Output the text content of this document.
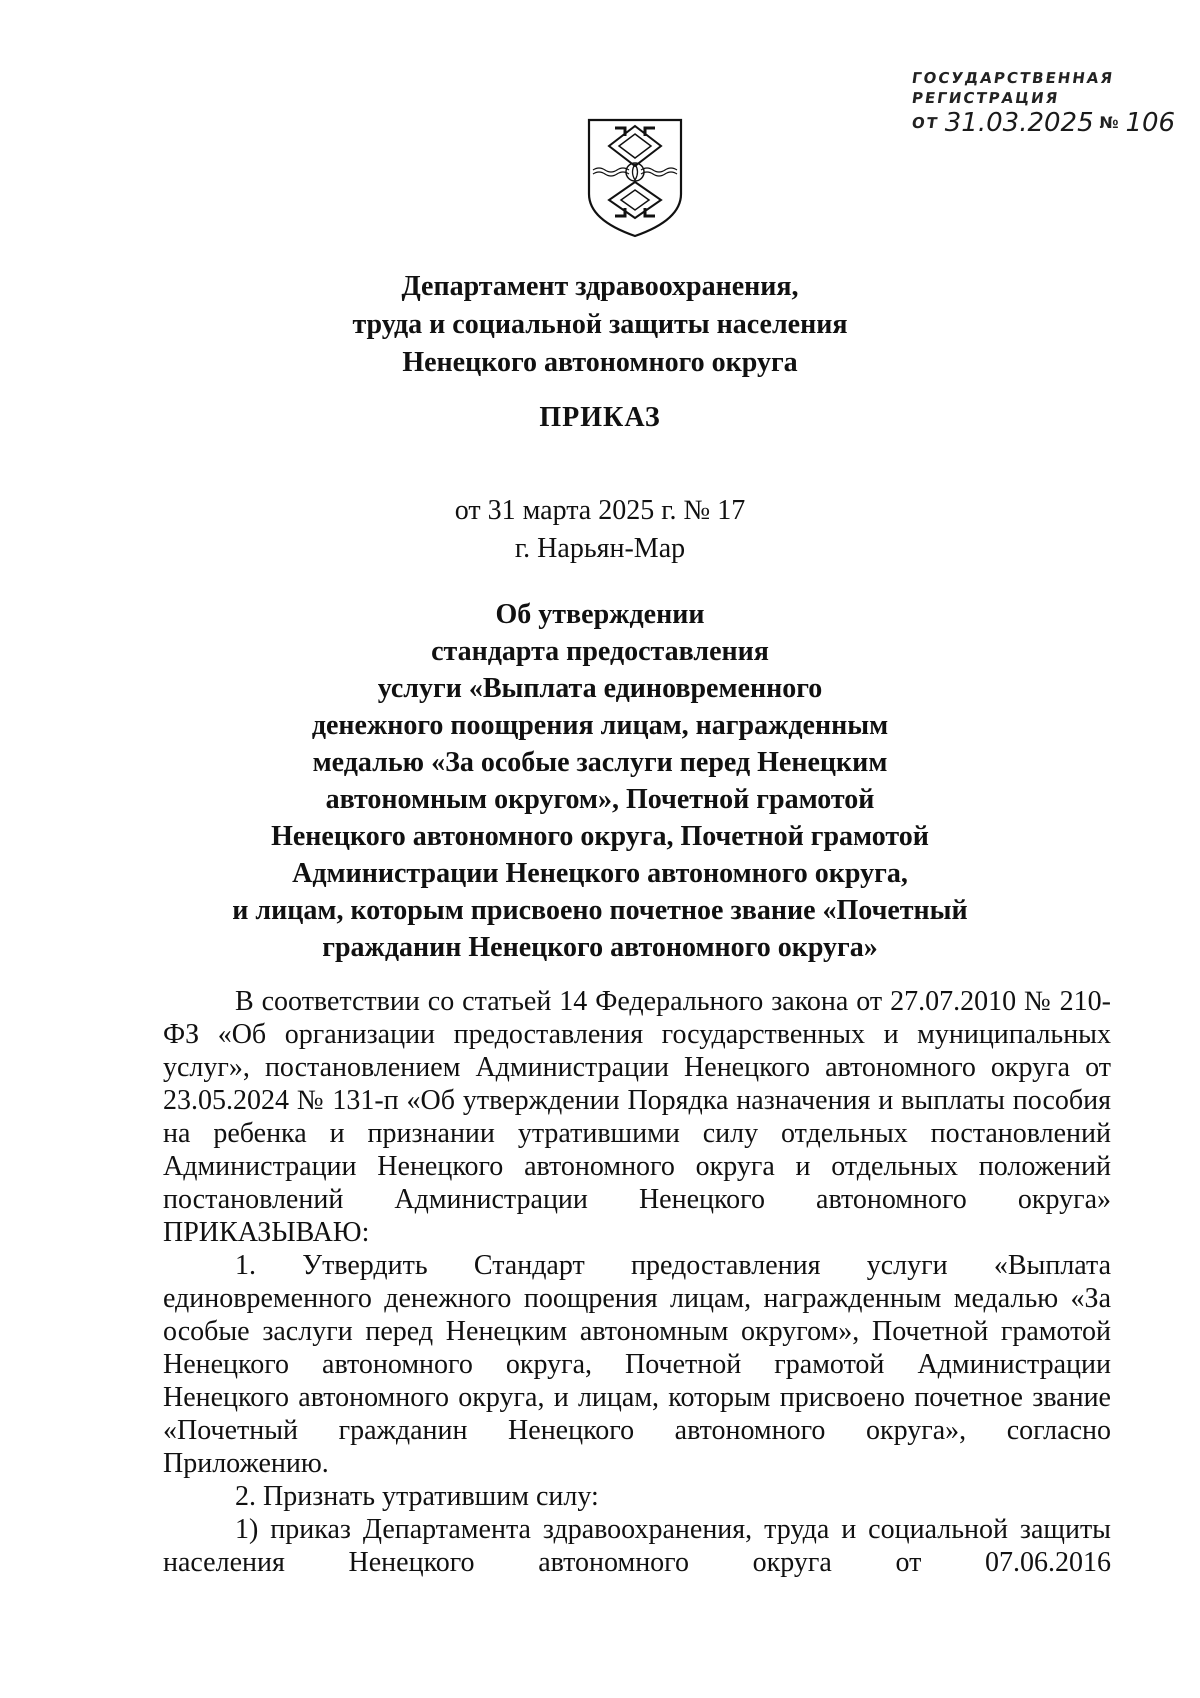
ГОСУДАРСТВЕННАЯ
РЕГИСТРАЦИЯ
ОТ 31.03.2025 № 106
Департамент здравоохранения,
труда и социальной защиты населения
Ненецкого автономного округа
ПРИКАЗ
от 31 марта 2025 г. № 17
г. Нарьян-Мар
Об утверждении
стандарта предоставления
услуги «Выплата единовременного
денежного поощрения лицам, награжденным
медалью «За особые заслуги перед Ненецким
автономным округом», Почетной грамотой
Ненецкого автономного округа, Почетной грамотой
Администрации Ненецкого автономного округа,
и лицам, которым присвоено почетное звание «Почетный
гражданин Ненецкого автономного округа»

В соответствии со статьей 14 Федерального закона от 27.07.2010 № 210-ФЗ «Об организации предоставления государственных и муниципальных услуг», постановлением Администрации Ненецкого автономного округа от 23.05.2024 № 131-п «Об утверждении Порядка назначения и выплаты пособия на ребенка и признании утратившими силу отдельных постановлений Администрации Ненецкого автономного округа и отдельных положений постановлений Администрации Ненецкого автономного округа» ПРИКАЗЫВАЮ:

1. Утвердить Стандарт предоставления услуги «Выплата единовременного денежного поощрения лицам, награжденным медалью «За особые заслуги перед Ненецким автономным округом», Почетной грамотой Ненецкого автономного округа, Почетной грамотой Администрации Ненецкого автономного округа, и лицам, которым присвоено почетное звание «Почетный гражданин Ненецкого автономного округа», согласно Приложению.

2. Признать утратившим силу:

1) приказ Департамента здравоохранения, труда и социальной защиты населения Ненецкого автономного округа от 07.06.2016
